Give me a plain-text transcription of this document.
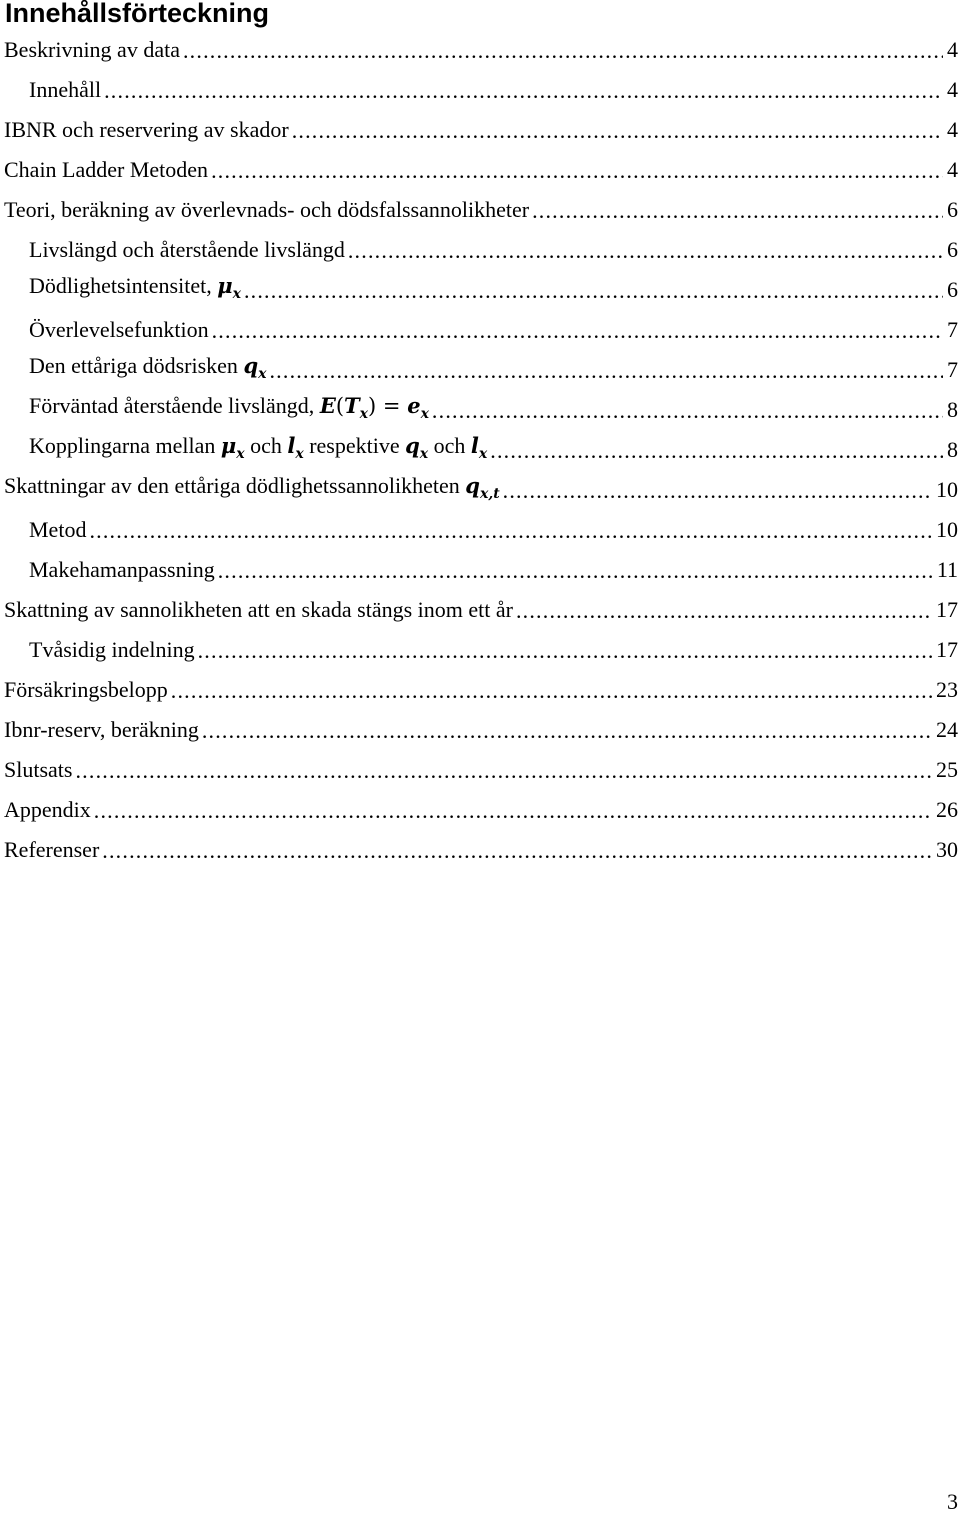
Innehållsförteckning
Beskrivning av data .....	4
Innehåll .....	4
IBNR och reservering av skador .....	4
Chain Ladder Metoden .....	4
Teori, beräkning av överlevnads- och dödsfalssannolikheter .....	6
Livslängd och återstående livslängd .....	6
Dödlighetsintensitet, $\mu_x$ .....	6
Överlevelsefunktion .....	7
Den ettåriga dödsrisken $q_x$ .....	7
Förväntad återstående livslängd, $E(T_x) = e_x$ .....	8
Kopplingarna mellan $\mu_x$ och $l_x$ respektive $q_x$ och $l_x$ .....	8
Skattningar av den ettåriga dödlighetssannolikheten $q_{x,t}$ .....	10
Metod .....	10
Makehamanpassning .....	11
Skattning av sannolikheten att en skada stängs inom ett år .....	17
Tvåsidig indelning .....	17
Försäkringsbelopp .....	23
Ibnr-reserv, beräkning .....	24
Slutsats .....	25
Appendix .....	26
Referenser .....	30
3
